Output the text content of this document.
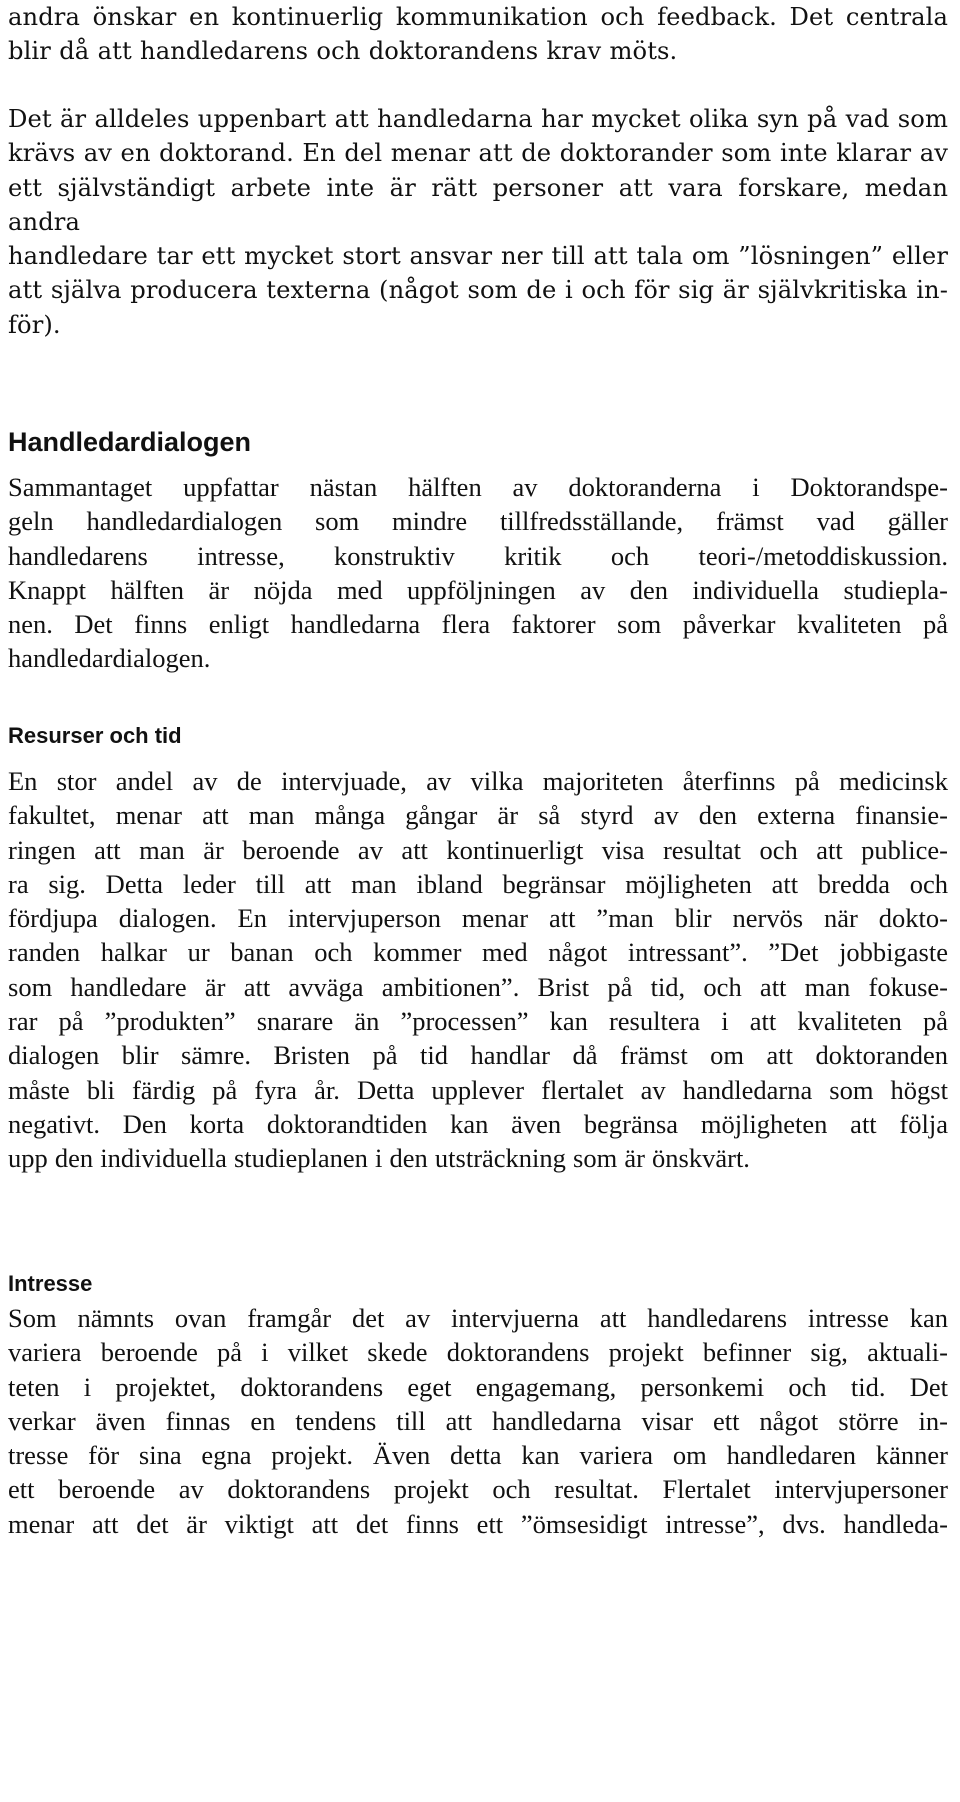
andra önskar en kontinuerlig kommunikation och feedback. Det centrala
blir då att handledarens och doktorandens krav möts.
Det är alldeles uppenbart att handledarna har mycket olika syn på vad som
krävs av en doktorand. En del menar att de doktorander som inte klarar av
ett självständigt arbete inte är rätt personer att vara forskare, medan andra
handledare tar ett mycket stort ansvar ner till att tala om ”lösningen” eller
att själva producera texterna (något som de i och för sig är självkritiska in-
för).
Handledardialogen
Sammantaget uppfattar nästan hälften av doktoranderna i Doktorandspe-
geln handledardialogen som mindre tillfredsställande, främst vad gäller
handledarens intresse, konstruktiv kritik och teori-/metoddiskussion.
Knappt hälften är nöjda med uppföljningen av den individuella studiepla-
nen. Det finns enligt handledarna flera faktorer som påverkar kvaliteten på
handledardialogen.
Resurser och tid
En stor andel av de intervjuade, av vilka majoriteten återfinns på medicinsk
fakultet, menar att man många gångar är så styrd av den externa finansie-
ringen att man är beroende av att kontinuerligt visa resultat och att publice-
ra sig. Detta leder till att man ibland begränsar möjligheten att bredda och
fördjupa dialogen. En intervjuperson menar att ”man blir nervös när dokto-
randen halkar ur banan och kommer med något intressant”. ”Det jobbigaste
som handledare är att avväga ambitionen”. Brist på tid, och att man fokuse-
rar på ”produkten” snarare än ”processen” kan resultera i att kvaliteten på
dialogen blir sämre. Bristen på tid handlar då främst om att doktoranden
måste bli färdig på fyra år. Detta upplever flertalet av handledarna som högst
negativt. Den korta doktorandtiden kan även begränsa möjligheten att följa
upp den individuella studieplanen i den utsträckning som är önskvärt.
Intresse
Som nämnts ovan framgår det av intervjuerna att handledarens intresse kan
variera beroende på i vilket skede doktorandens projekt befinner sig, aktuali-
teten i projektet, doktorandens eget engagemang, personkemi och tid. Det
verkar även finnas en tendens till att handledarna visar ett något större in-
tresse för sina egna projekt. Även detta kan variera om handledaren känner
ett beroende av doktorandens projekt och resultat. Flertalet intervjupersoner
menar att det är viktigt att det finns ett ”ömsesidigt intresse”, dvs. handleda-
